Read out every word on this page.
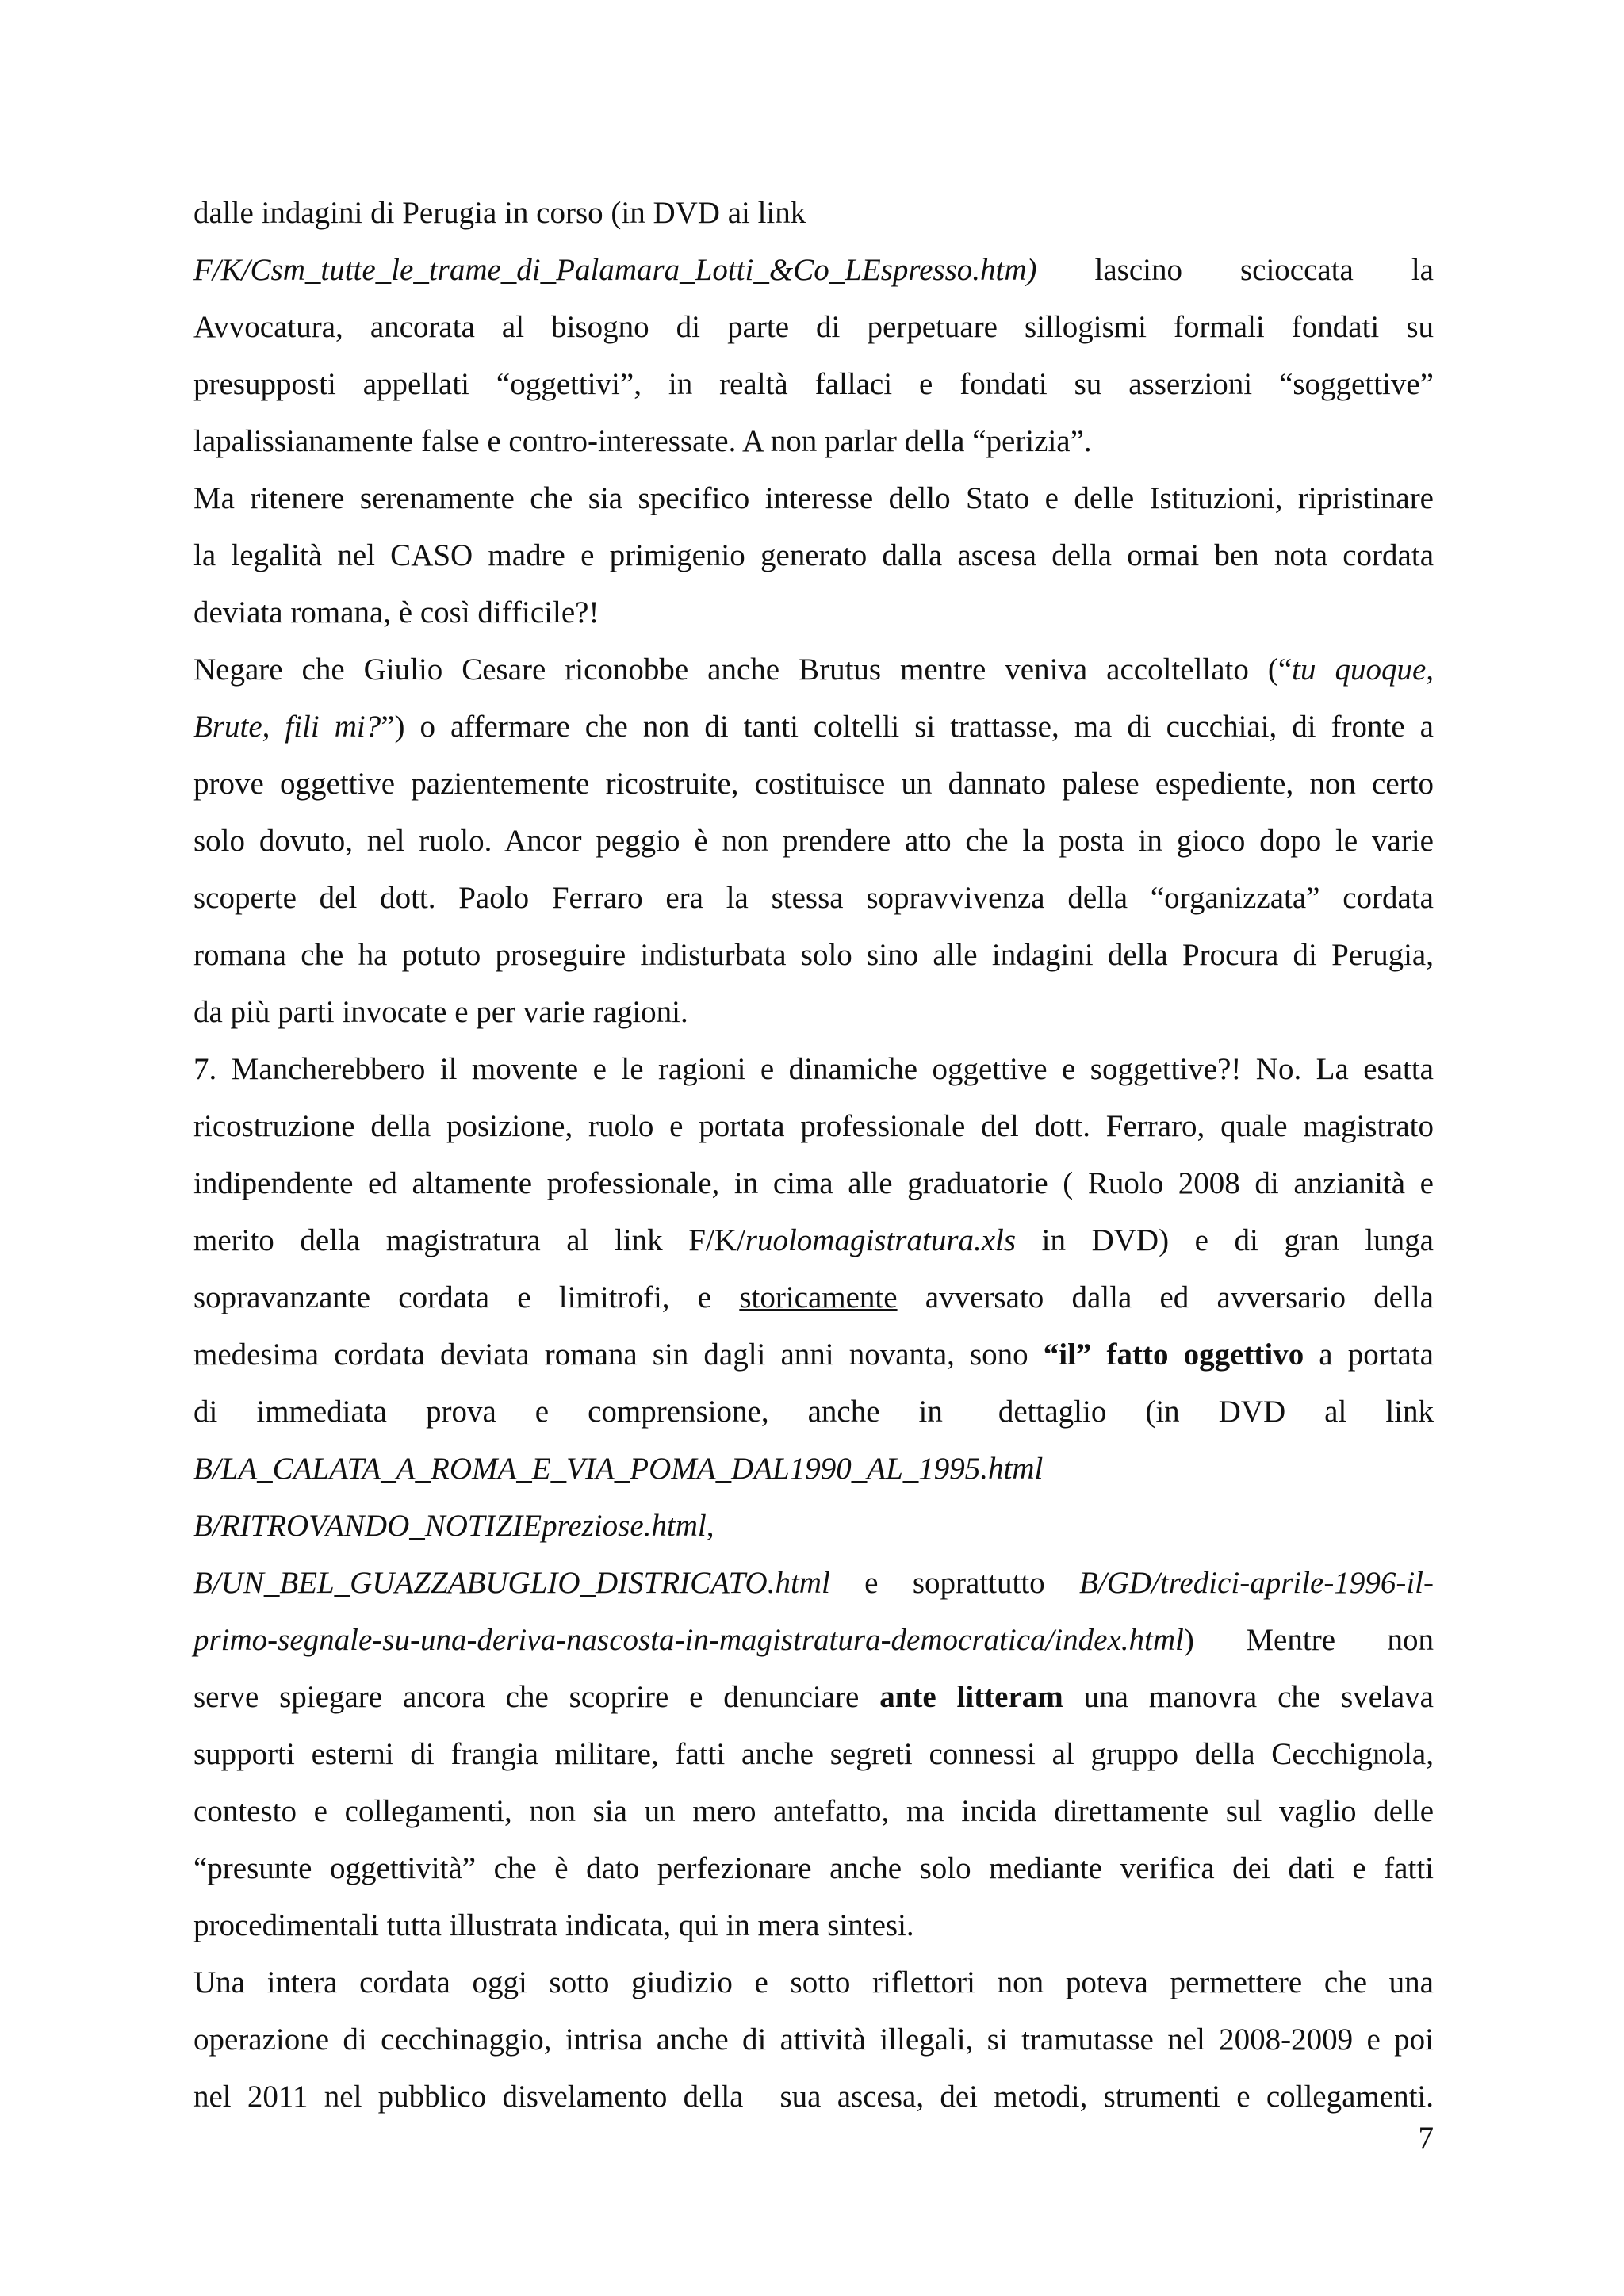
dalle indagini di Perugia in corso (in DVD ai link
F/K/Csm_tutte_le_trame_di_Palamara_Lotti_&Co_LEspresso.htm) lascino scioccata la
Avvocatura, ancorata al bisogno di parte di perpetuare sillogismi formali fondati su
presupposti appellati “oggettivi”, in realtà fallaci e fondati su asserzioni “soggettive”
lapalissianamente false e contro-interessate. A non parlar della “perizia”.
Ma ritenere serenamente che sia specifico interesse dello Stato e delle Istituzioni, ripristinare
la legalità nel CASO madre e primigenio generato dalla ascesa della ormai ben nota cordata
deviata romana, è così difficile?!
Negare che Giulio Cesare riconobbe anche Brutus mentre veniva accoltellato (“tu quoque,
Brute, fili mi?”) o affermare che non di tanti coltelli si trattasse, ma di cucchiai, di fronte a
prove oggettive pazientemente ricostruite, costituisce un dannato palese espediente, non certo
solo dovuto, nel ruolo. Ancor peggio è non prendere atto che la posta in gioco dopo le varie
scoperte del dott. Paolo Ferraro era la stessa sopravvivenza della “organizzata” cordata
romana che ha potuto proseguire indisturbata solo sino alle indagini della Procura di Perugia,
da più parti invocate e per varie ragioni.
7. Mancherebbero il movente e le ragioni e dinamiche oggettive e soggettive?! No. La esatta
ricostruzione della posizione, ruolo e portata professionale del dott. Ferraro, quale magistrato
indipendente ed altamente professionale, in cima alle graduatorie ( Ruolo 2008 di anzianità e
merito della magistratura al link F/K/ruolomagistratura.xls in DVD) e di gran lunga
sopravanzante cordata e limitrofi, e storicamente avversato dalla ed avversario della
medesima cordata deviata romana sin dagli anni novanta, sono “il” fatto oggettivo a portata
di immediata prova e comprensione, anche in dettaglio (in DVD al link
B/LA_CALATA_A_ROMA_E_VIA_POMA_DAL1990_AL_1995.html
B/RITROVANDO_NOTIZIEpreziose.html,
B/UN_BEL_GUAZZABUGLIO_DISTRICATO.html e soprattutto B/GD/tredici-aprile-1996-il-
primo-segnale-su-una-deriva-nascosta-in-magistratura-democratica/index.html) Mentre non
serve spiegare ancora che scoprire e denunciare ante litteram una manovra che svelava
supporti esterni di frangia militare, fatti anche segreti connessi al gruppo della Cecchignola,
contesto e collegamenti, non sia un mero antefatto, ma incida direttamente sul vaglio delle
“presunte oggettività” che è dato perfezionare anche solo mediante verifica dei dati e fatti
procedimentali tutta illustrata indicata, qui in mera sintesi.
Una intera cordata oggi sotto giudizio e sotto riflettori non poteva permettere che una
operazione di cecchinaggio, intrisa anche di attività illegali, si tramutasse nel 2008-2009 e poi
nel 2011 nel pubblico disvelamento della sua ascesa, dei metodi, strumenti e collegamenti.
7
